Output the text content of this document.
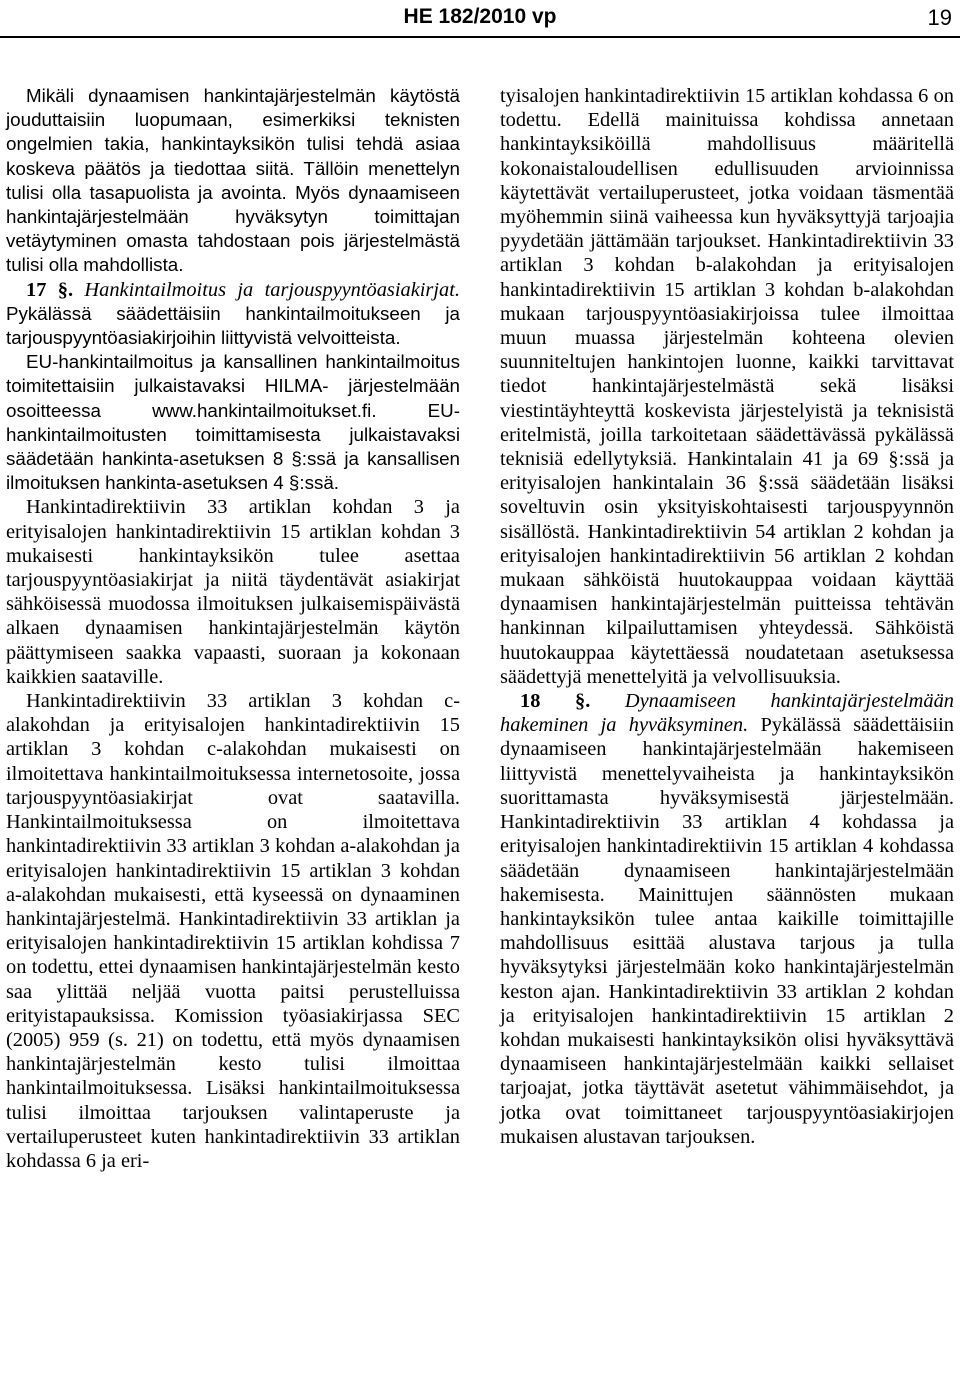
HE 182/2010 vp	19

Mikäli dynaamisen hankintajärjestelmän käytöstä jouduttaisiin luopumaan, esimerkiksi teknisten ongelmien takia, hankintayksikön tulisi tehdä asiaa koskeva päätös ja tiedottaa siitä. Tällöin menettelyn tulisi olla tasapuolista ja avointa. Myös dynaamiseen hankintajärjestelmään hyväksytyn toimittajan vetäytyminen omasta tahdostaan pois järjestelmästä tulisi olla mahdollista.

17 §. Hankintailmoitus ja tarjouspyyntöasiakirjat. Pykälässä säädettäisiin hankintailmoitukseen ja tarjouspyyntöasiakirjoihin liittyvistä velvoitteista.

EU-hankintailmoitus ja kansallinen hankintailmoitus toimitettaisiin julkaistavaksi HILMA- järjestelmään osoitteessa www.hankintailmoitukset.fi. EU-hankintailmoitusten toimittamisesta julkaistavaksi säädetään hankinta-asetuksen 8 §:ssä ja kansallisen ilmoituksen hankinta-asetuksen 4 §:ssä.

Hankintadirektiivin 33 artiklan kohdan 3 ja erityisalojen hankintadirektiivin 15 artiklan kohdan 3 mukaisesti hankintayksikön tulee asettaa tarjouspyyntöasiakirjat ja niitä täydentävät asiakirjat sähköisessä muodossa ilmoituksen julkaisemispäivästä alkaen dynaamisen hankintajärjestelmän käytön päättymiseen saakka vapaasti, suoraan ja kokonaan kaikkien saataville.

Hankintadirektiivin 33 artiklan 3 kohdan c-alakohdan ja erityisalojen hankintadirektiivin 15 artiklan 3 kohdan c-alakohdan mukaisesti on ilmoitettava hankintailmoituksessa internetosoite, jossa tarjouspyyntöasiakirjat ovat saatavilla. Hankintailmoituksessa on ilmoitettava hankintadirektiivin 33 artiklan 3 kohdan a-alakohdan ja erityisalojen hankintadirektiivin 15 artiklan 3 kohdan a-alakohdan mukaisesti, että kyseessä on dynaaminen hankintajärjestelmä. Hankintadirektiivin 33 artiklan ja erityisalojen hankintadirektiivin 15 artiklan kohdissa 7 on todettu, ettei dynaamisen hankintajärjestelmän kesto saa ylittää neljää vuotta paitsi perustelluissa erityistapauksissa. Komission työasiakirjassa SEC (2005) 959 (s. 21) on todettu, että myös dynaamisen hankintajärjestelmän kesto tulisi ilmoittaa hankintailmoituksessa. Lisäksi hankintailmoituksessa tulisi ilmoittaa tarjouksen valintaperuste ja vertailuperusteet kuten hankintadirektiivin 33 artiklan kohdassa 6 ja eri-

tyisalojen hankintadirektiivin 15 artiklan kohdassa 6 on todettu. Edellä mainituissa kohdissa annetaan hankintayksiköillä mahdollisuus määritellä kokonaistaloudellisen edullisuuden arvioinnissa käytettävät vertailuperusteet, jotka voidaan täsmentää myöhemmin siinä vaiheessa kun hyväksyttyjä tarjoajia pyydetään jättämään tarjoukset. Hankintadirektiivin 33 artiklan 3 kohdan b-alakohdan ja erityisalojen hankintadirektiivin 15 artiklan 3 kohdan b-alakohdan mukaan tarjouspyyntöasiakirjoissa tulee ilmoittaa muun muassa järjestelmän kohteena olevien suunniteltujen hankintojen luonne, kaikki tarvittavat tiedot hankintajärjestelmästä sekä lisäksi viestintäyhteyttä koskevista järjestelyistä ja teknisistä eritelmistä, joilla tarkoitetaan säädettävässä pykälässä teknisiä edellytyksiä. Hankintalain 41 ja 69 §:ssä ja erityisalojen hankintalain 36 §:ssä säädetään lisäksi soveltuvin osin yksityiskohtaisesti tarjouspyynnön sisällöstä. Hankintadirektiivin 54 artiklan 2 kohdan ja erityisalojen hankintadirektiivin 56 artiklan 2 kohdan mukaan sähköistä huutokauppaa voidaan käyttää dynaamisen hankintajärjestelmän puitteissa tehtävän hankinnan kilpailuttamisen yhteydessä. Sähköistä huutokauppaa käytettäessä noudatetaan asetuksessa säädettyjä menettelyitä ja velvollisuuksia.

18 §. Dynaamiseen hankintajärjestelmään hakeminen ja hyväksyminen. Pykälässä säädettäisiin dynaamiseen hankintajärjestelmään hakemiseen liittyvistä menettelyvaiheista ja hankintayksikön suorittamasta hyväksymisestä järjestelmään. Hankintadirektiivin 33 artiklan 4 kohdassa ja erityisalojen hankintadirektiivin 15 artiklan 4 kohdassa säädetään dynaamiseen hankintajärjestelmään hakemisesta. Mainittujen säännösten mukaan hankintayksikön tulee antaa kaikille toimittajille mahdollisuus esittää alustava tarjous ja tulla hyväksytyksi järjestelmään koko hankintajärjestelmän keston ajan. Hankintadirektiivin 33 artiklan 2 kohdan ja erityisalojen hankintadirektiivin 15 artiklan 2 kohdan mukaisesti hankintayksikön olisi hyväksyttävä dynaamiseen hankintajärjestelmään kaikki sellaiset tarjoajat, jotka täyttävät asetetut vähimmäisehdot, ja jotka ovat toimittaneet tarjouspyyntöasiakirjojen mukaisen alustavan tarjouksen.
